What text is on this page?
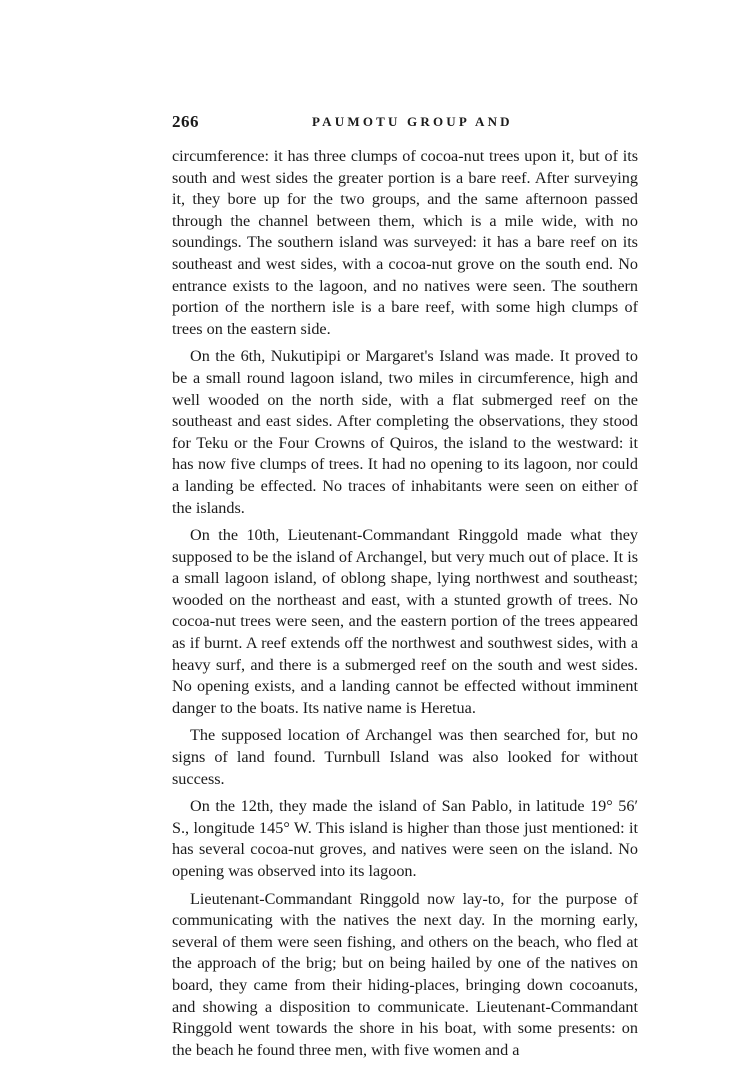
266	PAUMOTU GROUP AND

circumference: it has three clumps of cocoa-nut trees upon it, but of its south and west sides the greater portion is a bare reef. After surveying it, they bore up for the two groups, and the same afternoon passed through the channel between them, which is a mile wide, with no soundings. The southern island was surveyed: it has a bare reef on its southeast and west sides, with a cocoa-nut grove on the south end. No entrance exists to the lagoon, and no natives were seen. The southern portion of the northern isle is a bare reef, with some high clumps of trees on the eastern side.

On the 6th, Nukutipipi or Margaret's Island was made. It proved to be a small round lagoon island, two miles in circumference, high and well wooded on the north side, with a flat submerged reef on the southeast and east sides. After completing the observations, they stood for Teku or the Four Crowns of Quiros, the island to the westward: it has now five clumps of trees. It had no opening to its lagoon, nor could a landing be effected. No traces of inhabitants were seen on either of the islands.

On the 10th, Lieutenant-Commandant Ringgold made what they supposed to be the island of Archangel, but very much out of place. It is a small lagoon island, of oblong shape, lying northwest and southeast; wooded on the northeast and east, with a stunted growth of trees. No cocoa-nut trees were seen, and the eastern portion of the trees appeared as if burnt. A reef extends off the northwest and southwest sides, with a heavy surf, and there is a submerged reef on the south and west sides. No opening exists, and a landing cannot be effected without imminent danger to the boats. Its native name is Heretua.

The supposed location of Archangel was then searched for, but no signs of land found. Turnbull Island was also looked for without success.

On the 12th, they made the island of San Pablo, in latitude 19° 56′ S., longitude 145° W. This island is higher than those just mentioned: it has several cocoa-nut groves, and natives were seen on the island. No opening was observed into its lagoon.

Lieutenant-Commandant Ringgold now lay-to, for the purpose of communicating with the natives the next day. In the morning early, several of them were seen fishing, and others on the beach, who fled at the approach of the brig; but on being hailed by one of the natives on board, they came from their hiding-places, bringing down cocoanuts, and showing a disposition to communicate. Lieutenant-Commandant Ringgold went towards the shore in his boat, with some presents: on the beach he found three men, with five women and a
